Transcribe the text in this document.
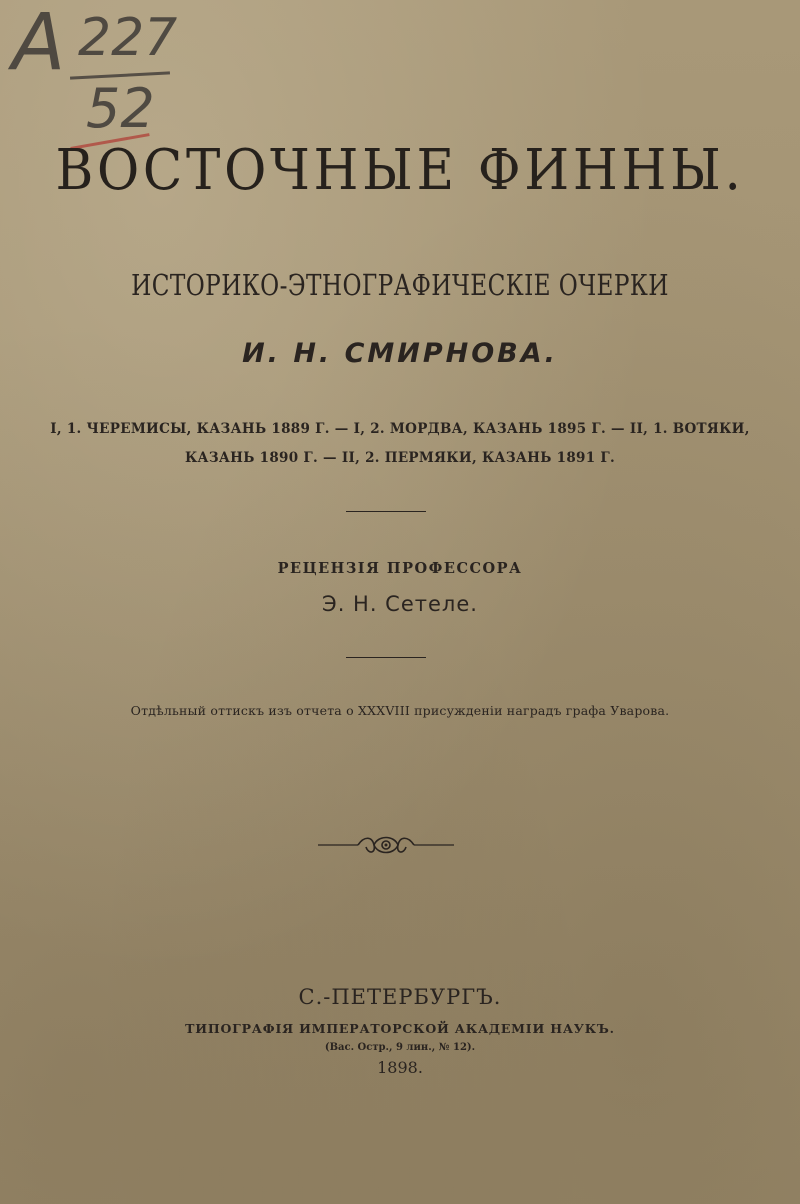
A 227
52
ВОСТОЧНЫЕ ФИННЫ.
ИСТОРИКО-ЭТНОГРАФИЧЕСКІЕ ОЧЕРКИ
И. Н. СМИРНОВА.
I, 1. ЧЕРЕМИСЫ, КАЗАНЬ 1889 Г. — I, 2. МОРДВА, КАЗАНЬ 1895 Г. — II, 1. ВОТЯКИ,
КАЗАНЬ 1890 Г. — II, 2. ПЕРМЯКИ, КАЗАНЬ 1891 Г.
РЕЦЕНЗІЯ ПРОФЕССОРА
Э. Н. Сетеле.
Отдѣльный оттискъ изъ отчета о XXXVIII присужденіи наградъ графа Уварова.
С.-ПЕТЕРБУРГЪ.
ТИПОГРАФІЯ ИМПЕРАТОРСКОЙ АКАДЕМІИ НАУКЪ.
(Вас. Остр., 9 лин., № 12).
1898.
